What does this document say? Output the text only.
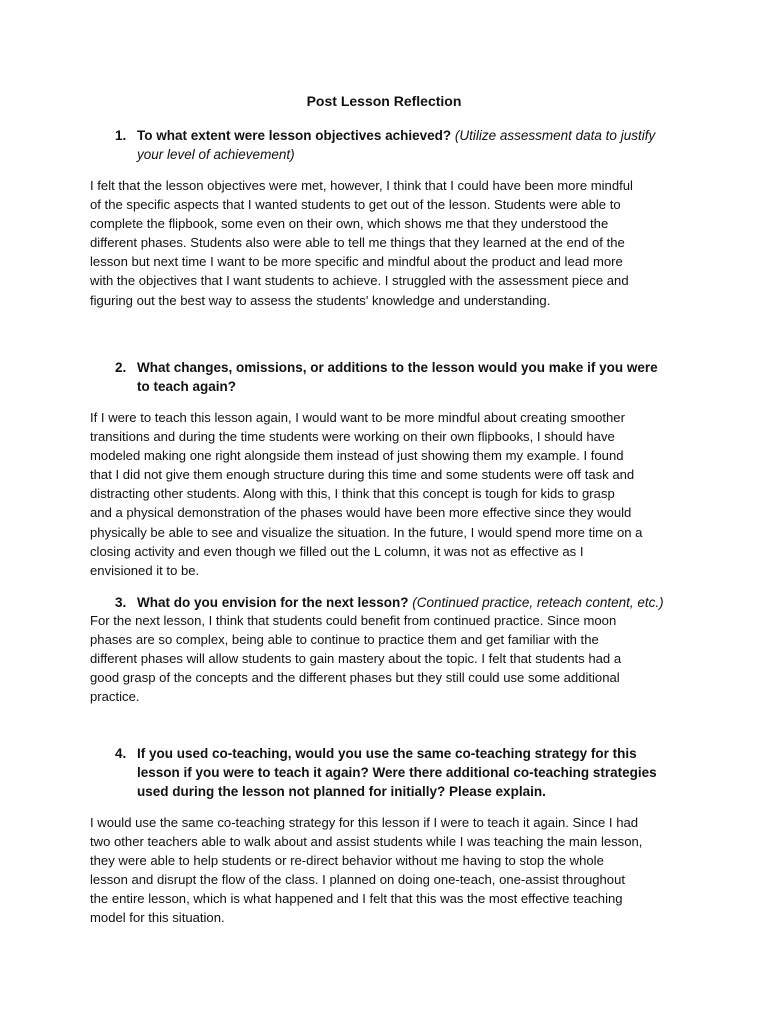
Post Lesson Reflection
1. To what extent were lesson objectives achieved? (Utilize assessment data to justify your level of achievement)

I felt that the lesson objectives were met, however, I think that I could have been more mindful
of the specific aspects that I wanted students to get out of the lesson. Students were able to
complete the flipbook, some even on their own, which shows me that they understood the
different phases. Students also were able to tell me things that they learned at the end of the
lesson but next time I want to be more specific and mindful about the product and lead more
with the objectives that I want students to achieve. I struggled with the assessment piece and
figuring out the best way to assess the students' knowledge and understanding.

2. What changes, omissions, or additions to the lesson would you make if you were to teach again?

If I were to teach this lesson again, I would want to be more mindful about creating smoother
transitions and during the time students were working on their own flipbooks, I should have
modeled making one right alongside them instead of just showing them my example. I found
that I did not give them enough structure during this time and some students were off task and
distracting other students. Along with this, I think that this concept is tough for kids to grasp
and a physical demonstration of the phases would have been more effective since they would
physically be able to see and visualize the situation. In the future, I would spend more time on a
closing activity and even though we filled out the L column, it was not as effective as I
envisioned it to be.

3. What do you envision for the next lesson? (Continued practice, reteach content, etc.)

For the next lesson, I think that students could benefit from continued practice. Since moon
phases are so complex, being able to continue to practice them and get familiar with the
different phases will allow students to gain mastery about the topic. I felt that students had a
good grasp of the concepts and the different phases but they still could use some additional
practice.

4. If you used co-teaching, would you use the same co-teaching strategy for this lesson if you were to teach it again? Were there additional co-teaching strategies used during the lesson not planned for initially? Please explain.

I would use the same co-teaching strategy for this lesson if I were to teach it again. Since I had
two other teachers able to walk about and assist students while I was teaching the main lesson,
they were able to help students or re-direct behavior without me having to stop the whole
lesson and disrupt the flow of the class. I planned on doing one-teach, one-assist throughout
the entire lesson, which is what happened and I felt that this was the most effective teaching
model for this situation.
